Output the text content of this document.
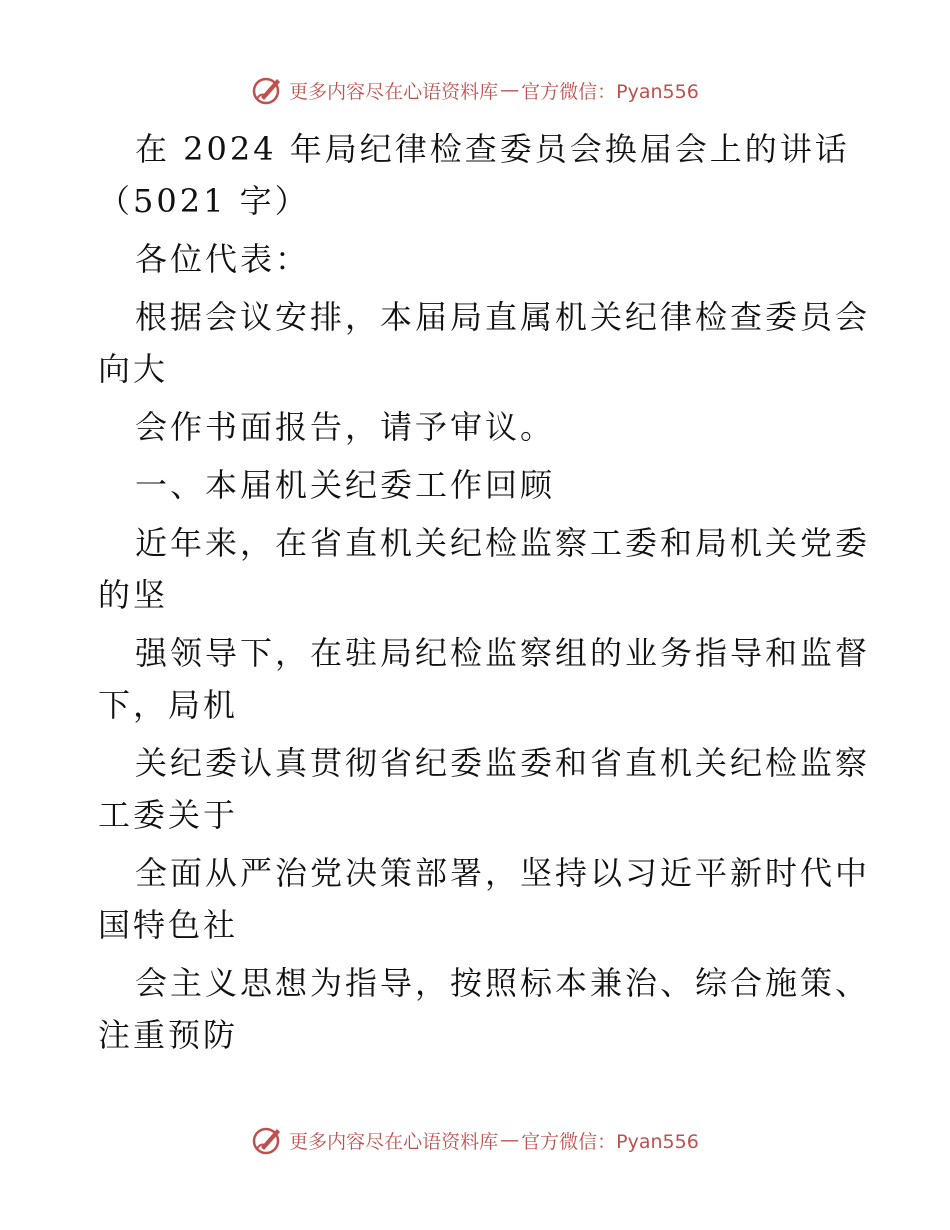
更多内容尽在心语资料库 — 官方微信：Pyan556
在 2024 年局纪律检查委员会换届会上的讲话
（5021 字）
各位代表：
根据会议安排，本届局直属机关纪律检查委员会
向大
会作书面报告，请予审议。
一、本届机关纪委工作回顾
近年来，在省直机关纪检监察工委和局机关党委
的坚
强领导下，在驻局纪检监察组的业务指导和监督
下，局机
关纪委认真贯彻省纪委监委和省直机关纪检监察
工委关于
全面从严治党决策部署，坚持以习近平新时代中
国特色社
会主义思想为指导，按照标本兼治、综合施策、
注重预防
更多内容尽在心语资料库 — 官方微信：Pyan556
